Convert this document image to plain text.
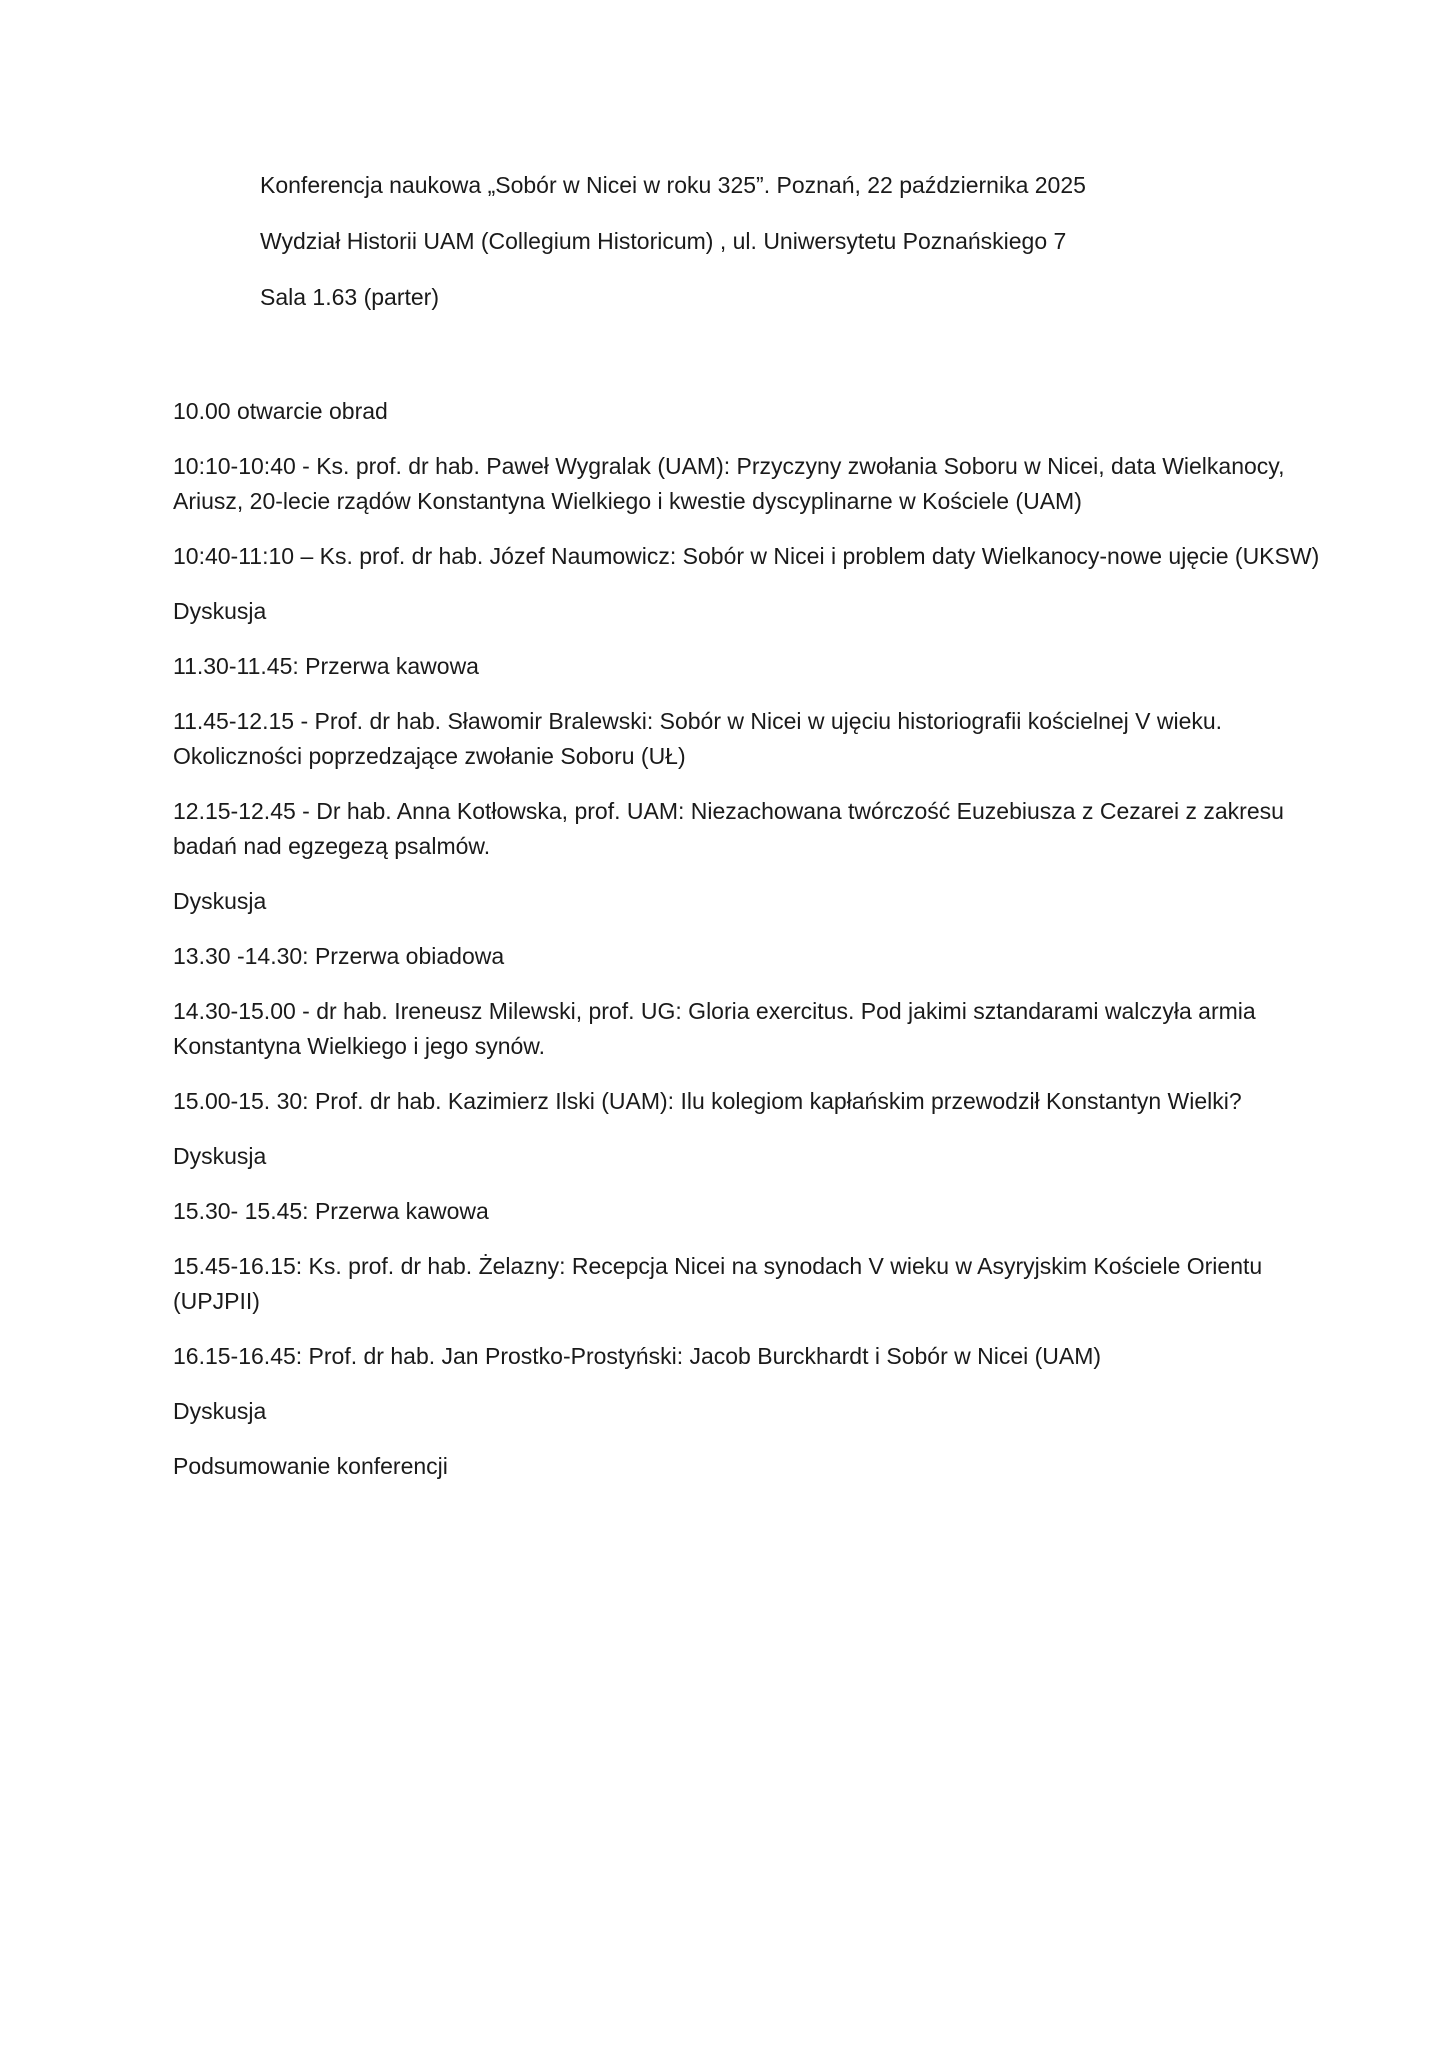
Konferencja naukowa „Sobór w Nicei w roku 325”. Poznań, 22 października 2025
Wydział Historii UAM (Collegium Historicum) , ul. Uniwersytetu Poznańskiego 7
Sala 1.63 (parter)

10.00 otwarcie obrad

10:10-10:40 - Ks. prof. dr hab. Paweł Wygralak (UAM): Przyczyny zwołania Soboru w Nicei, data Wielkanocy, Ariusz, 20-lecie rządów Konstantyna Wielkiego i kwestie dyscyplinarne w Kościele (UAM)

10:40-11:10 – Ks. prof. dr hab. Józef Naumowicz: Sobór w Nicei i problem daty Wielkanocy-nowe ujęcie (UKSW)

Dyskusja

11.30-11.45: Przerwa kawowa

11.45-12.15 - Prof. dr hab. Sławomir Bralewski: Sobór w Nicei w ujęciu historiografii kościelnej V wieku. Okoliczności poprzedzające zwołanie Soboru (UŁ)

12.15-12.45 - Dr hab. Anna Kotłowska, prof. UAM: Niezachowana twórczość Euzebiusza z Cezarei z zakresu badań nad egzegezą psalmów.

Dyskusja

13.30 -14.30: Przerwa obiadowa

14.30-15.00 - dr hab. Ireneusz Milewski, prof. UG: Gloria exercitus. Pod jakimi sztandarami walczyła armia Konstantyna Wielkiego i jego synów.

15.00-15. 30: Prof. dr hab. Kazimierz Ilski (UAM): Ilu kolegiom kapłańskim przewodził Konstantyn Wielki?

Dyskusja

15.30- 15.45: Przerwa kawowa

15.45-16.15: Ks. prof. dr hab. Żelazny: Recepcja Nicei na synodach V wieku w Asyryjskim Kościele Orientu (UPJPII)

16.15-16.45: Prof. dr hab. Jan Prostko-Prostyński: Jacob Burckhardt i Sobór w Nicei (UAM)

Dyskusja

Podsumowanie konferencji
